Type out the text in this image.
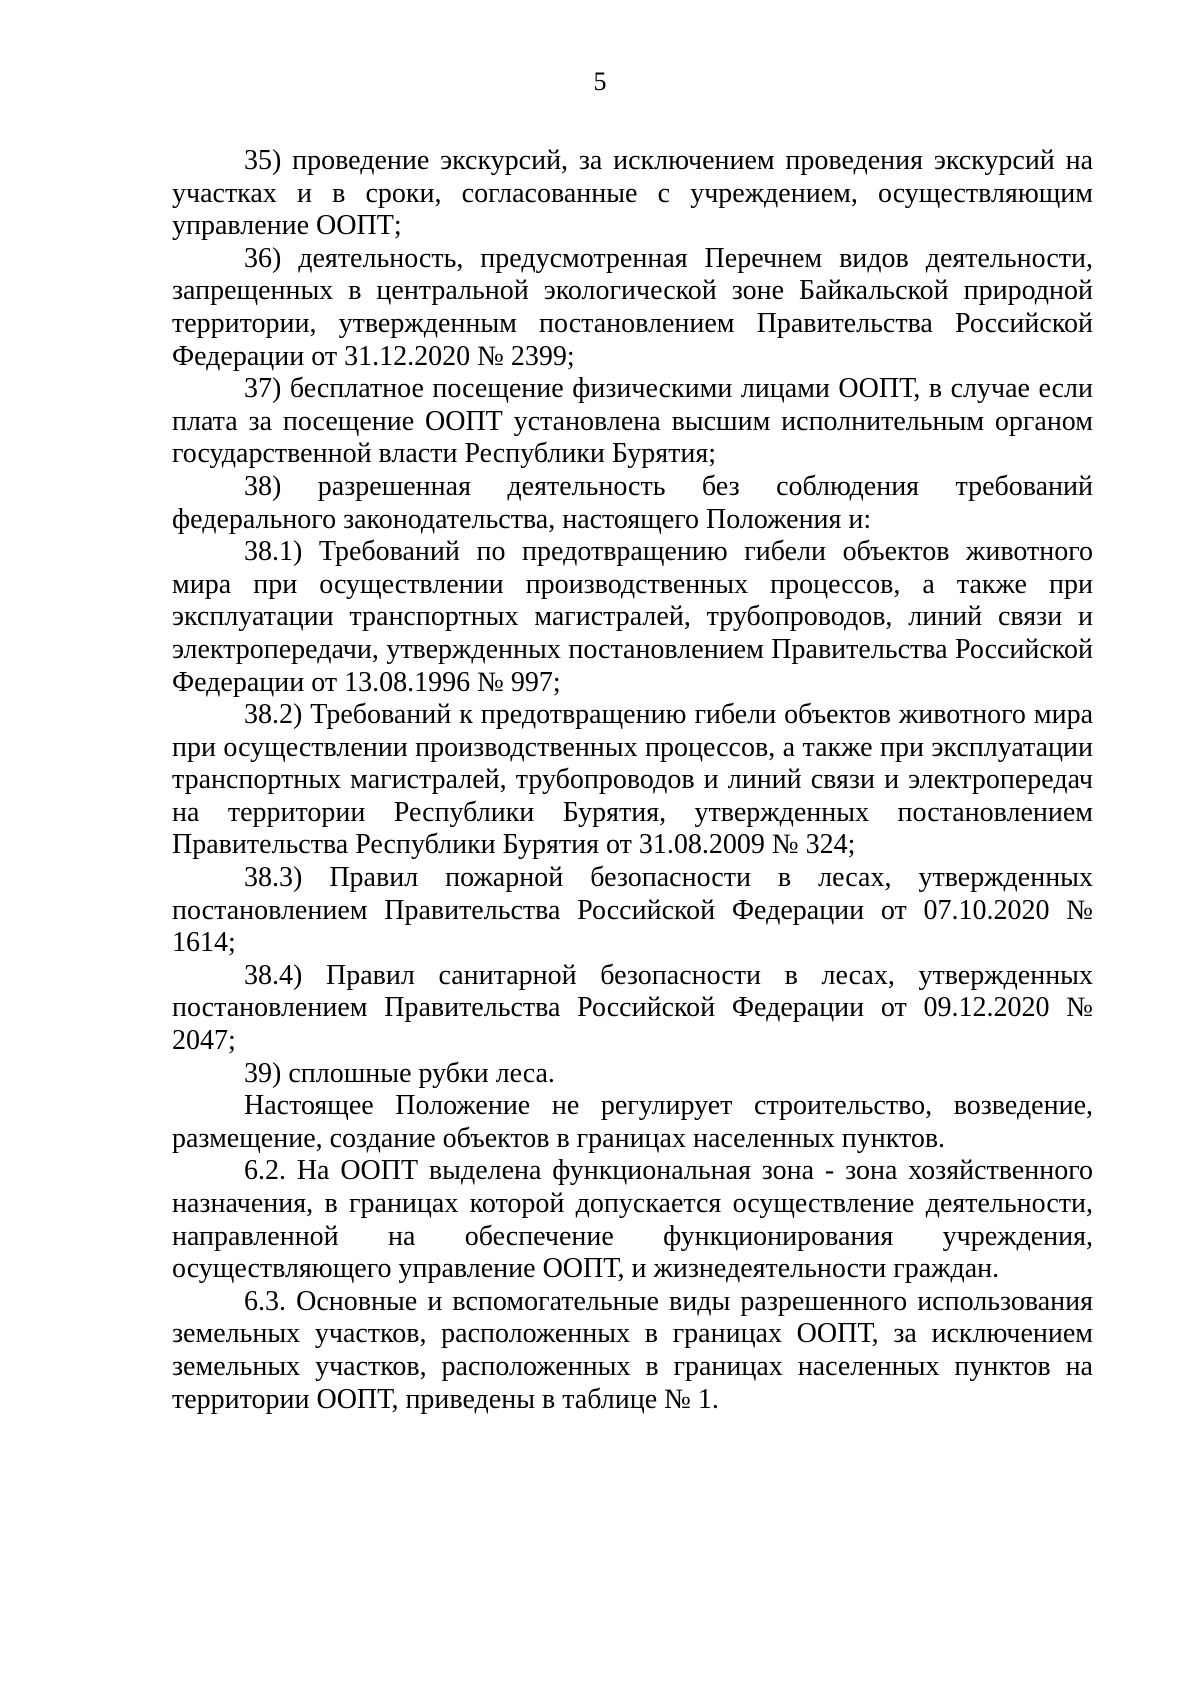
5

35) проведение экскурсий, за исключением проведения экскурсий на участках и в сроки, согласованные с учреждением, осуществляющим управление ООПТ;

36) деятельность, предусмотренная Перечнем видов деятельности, запрещенных в центральной экологической зоне Байкальской природной территории, утвержденным постановлением Правительства Российской Федерации от 31.12.2020 № 2399;

37) бесплатное посещение физическими лицами ООПТ, в случае если плата за посещение ООПТ установлена высшим исполнительным органом государственной власти Республики Бурятия;

38) разрешенная деятельность без соблюдения требований федерального законодательства, настоящего Положения и:

38.1) Требований по предотвращению гибели объектов животного мира при осуществлении производственных процессов, а также при эксплуатации транспортных магистралей, трубопроводов, линий связи и электропередачи, утвержденных постановлением Правительства Российской Федерации от 13.08.1996 № 997;

38.2) Требований к предотвращению гибели объектов животного мира при осуществлении производственных процессов, а также при эксплуатации транспортных магистралей, трубопроводов и линий связи и электропередач на территории Республики Бурятия, утвержденных постановлением Правительства Республики Бурятия от 31.08.2009 № 324;

38.3) Правил пожарной безопасности в лесах, утвержденных постановлением Правительства Российской Федерации от 07.10.2020 № 1614;

38.4) Правил санитарной безопасности в лесах, утвержденных постановлением Правительства Российской Федерации от 09.12.2020 № 2047;

39) сплошные рубки леса.

Настоящее Положение не регулирует строительство, возведение, размещение, создание объектов в границах населенных пунктов.

6.2. На ООПТ выделена функциональная зона - зона хозяйственного назначения, в границах которой допускается осуществление деятельности, направленной на обеспечение функционирования учреждения, осуществляющего управление ООПТ, и жизнедеятельности граждан.

6.3. Основные и вспомогательные виды разрешенного использования земельных участков, расположенных в границах ООПТ, за исключением земельных участков, расположенных в границах населенных пунктов на территории ООПТ, приведены в таблице № 1.
